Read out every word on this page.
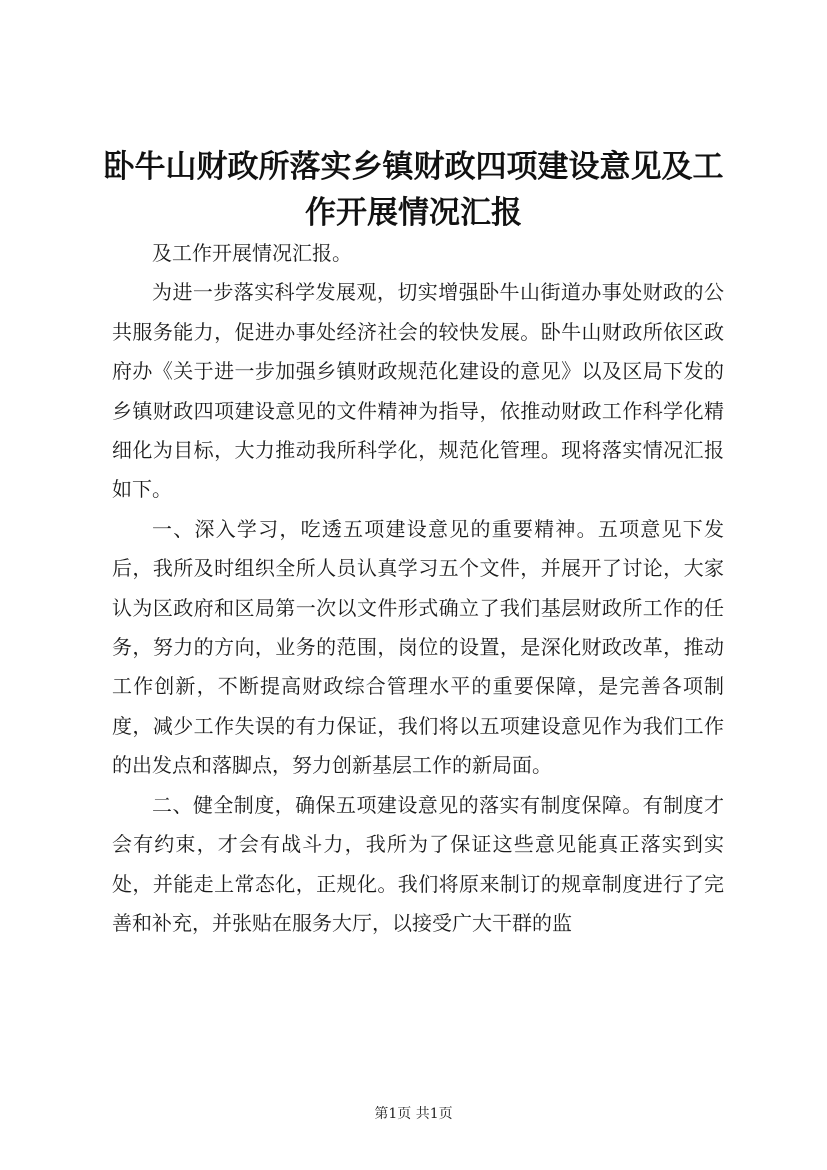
卧牛山财政所落实乡镇财政四项建设意见及工作开展情况汇报

及工作开展情况汇报。

为进一步落实科学发展观，切实增强卧牛山街道办事处财政的公共服务能力，促进办事处经济社会的较快发展。卧牛山财政所依区政府办《关于进一步加强乡镇财政规范化建设的意见》以及区局下发的乡镇财政四项建设意见的文件精神为指导，依推动财政工作科学化精细化为目标，大力推动我所科学化，规范化管理。现将落实情况汇报如下。

一、深入学习，吃透五项建设意见的重要精神。五项意见下发后，我所及时组织全所人员认真学习五个文件，并展开了讨论，大家认为区政府和区局第一次以文件形式确立了我们基层财政所工作的任务，努力的方向，业务的范围，岗位的设置，是深化财政改革，推动工作创新，不断提高财政综合管理水平的重要保障，是完善各项制度，减少工作失误的有力保证，我们将以五项建设意见作为我们工作的出发点和落脚点，努力创新基层工作的新局面。

二、健全制度，确保五项建设意见的落实有制度保障。有制度才会有约束，才会有战斗力，我所为了保证这些意见能真正落实到实处，并能走上常态化，正规化。我们将原来制订的规章制度进行了完善和补充，并张贴在服务大厅，以接受广大干群的监

第1页 共1页
